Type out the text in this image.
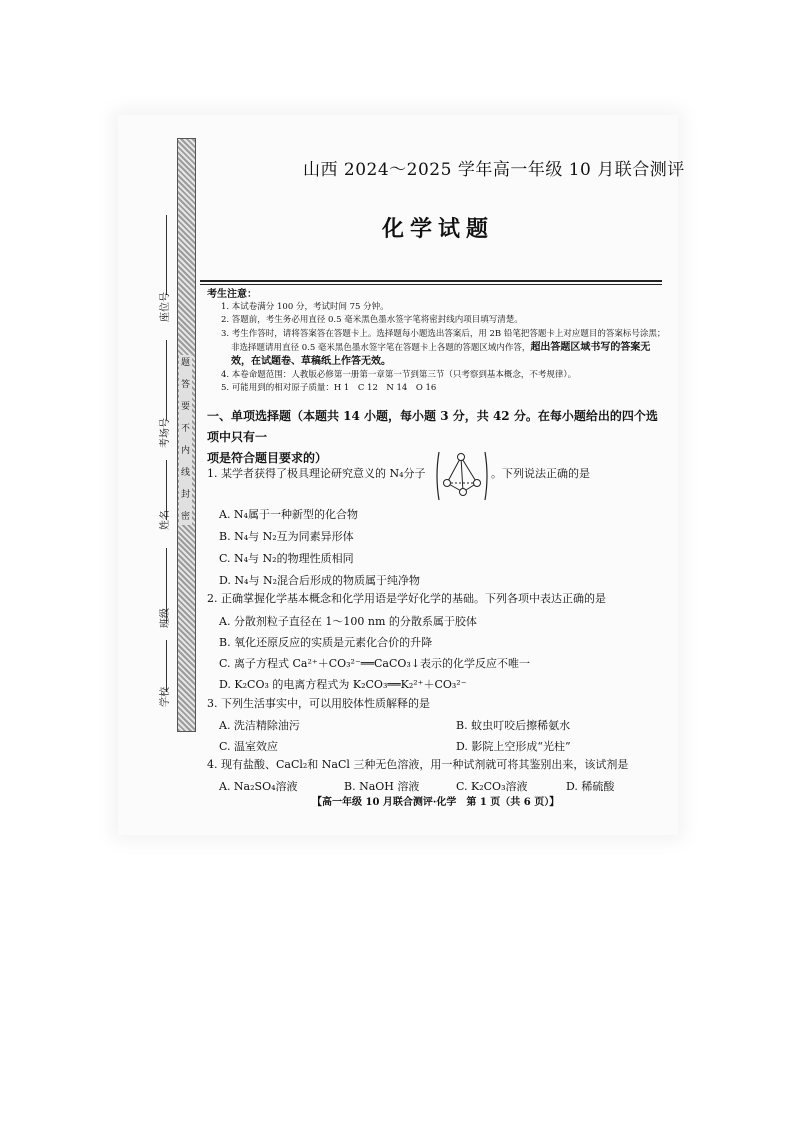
题
答
要
不
内
线
封
密
座位号
考场号
姓名
班级
学校
山西 2024～2025 学年高一年级 10 月联合测评
化学试题
考生注意：
1. 本试卷满分 100 分，考试时间 75 分钟。
2. 答题前，考生务必用直径 0.5 毫米黑色墨水签字笔将密封线内项目填写清楚。
3. 考生作答时，请将答案答在答题卡上。选择题每小题选出答案后，用 2B 铅笔把答题卡上对应题目的答案标号涂黑；非选择题请用直径 0.5 毫米黑色墨水签字笔在答题卡上各题的答题区域内作答，超出答题区域书写的答案无效，在试题卷、草稿纸上作答无效。
4. 本卷命题范围：人教版必修第一册第一章第一节到第三节（只考察到基本概念，不考规律）。
5. 可能用到的相对原子质量：H 1　C 12　N 14　O 16
一、单项选择题（本题共 14 小题，每小题 3 分，共 42 分。在每小题给出的四个选项中只有一
项是符合题目要求的）
1. 某学者获得了极具理论研究意义的 N₄分子	。下列说法正确的是
A. N₄属于一种新型的化合物
B. N₄与 N₂互为同素异形体
C. N₄与 N₂的物理性质相同
D. N₄与 N₂混合后形成的物质属于纯净物
2. 正确掌握化学基本概念和化学用语是学好化学的基础。下列各项中表达正确的是
A. 分散剂粒子直径在 1～100 nm 的分散系属于胶体
B. 氧化还原反应的实质是元素化合价的升降
C. 离子方程式 Ca²⁺＋CO₃²⁻══CaCO₃↓表示的化学反应不唯一
D. K₂CO₃ 的电离方程式为 K₂CO₃══K₂²⁺＋CO₃²⁻
3. 下列生活事实中，可以用胶体性质解释的是
A. 洗洁精除油污	B. 蚊虫叮咬后擦稀氨水
C. 温室效应	D. 影院上空形成“光柱”
4. 现有盐酸、CaCl₂和 NaCl 三种无色溶液，用一种试剂就可将其鉴别出来，该试剂是
A. Na₂SO₄溶液	B. NaOH 溶液	C. K₂CO₃溶液	D. 稀硫酸
【高一年级 10 月联合测评·化学　第 1 页（共 6 页）】
